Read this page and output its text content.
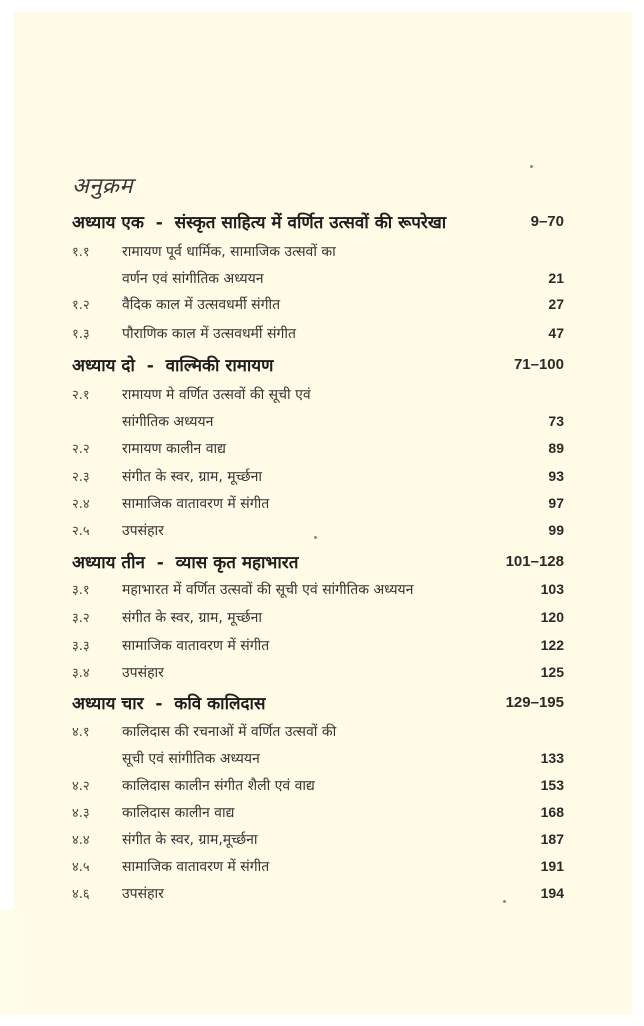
अनुक्रम
अध्याय एक  -  संस्कृत साहित्य में वर्णित उत्सवों की रूपरेखा	9–70
१.१	रामायण पूर्व धार्मिक, सामाजिक उत्सवों का
वर्णन एवं सांगीतिक अध्ययन	21
१.२	वैदिक काल में उत्सवधर्मी संगीत	27
१.३	पौराणिक काल में उत्सवधर्मी संगीत	47
अध्याय दो  -  वाल्मिकी रामायण	71–100
२.१	रामायण मे वर्णित उत्सवों की सूची एवं
सांगीतिक अध्ययन	73
२.२	रामायण कालीन वाद्य	89
२.३	संगीत के स्वर, ग्राम, मूर्च्छना	93
२.४	सामाजिक वातावरण में संगीत	97
२.५	उपसंहार	99
अध्याय तीन  -  व्यास कृत महाभारत	101–128
३.१	महाभारत में वर्णित उत्सवों की सूची एवं सांगीतिक अध्ययन	103
३.२	संगीत के स्वर, ग्राम, मूर्च्छना	120
३.३	सामाजिक वातावरण में संगीत	122
३.४	उपसंहार	125
अध्याय चार  -  कवि कालिदास	129–195
४.१	कालिदास की रचनाओं में वर्णित उत्सवों की
सूची एवं सांगीतिक अध्ययन	133
४.२	कालिदास कालीन संगीत शैली एवं वाद्य	153
४.३	कालिदास कालीन वाद्य	168
४.४	संगीत के स्वर, ग्राम,मूर्च्छना	187
४.५	सामाजिक वातावरण में संगीत	191
४.६	उपसंहार	194
